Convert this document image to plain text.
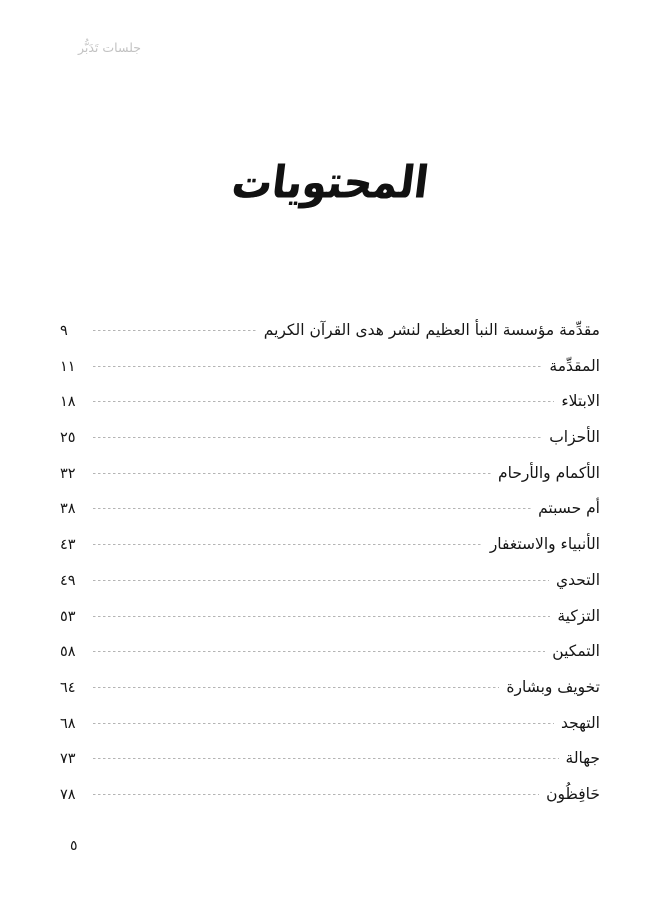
جلسات تَدَبُّر
المحتويات
مقدِّمة مؤسسة النبأ العظيم لنشر هدى القرآن الكريم
٩
المقدِّمة
١١
الابتلاء
١٨
الأحزاب
٢٥
الأكمام والأرحام
٣٢
أم حسبتم
٣٨
الأنبياء والاستغفار
٤٣
التحدي
٤٩
التزكية
٥٣
التمكين
٥٨
تخويف وبشارة
٦٤
التهجد
٦٨
جهالة
٧٣
حَافِظُون
٧٨
٥
